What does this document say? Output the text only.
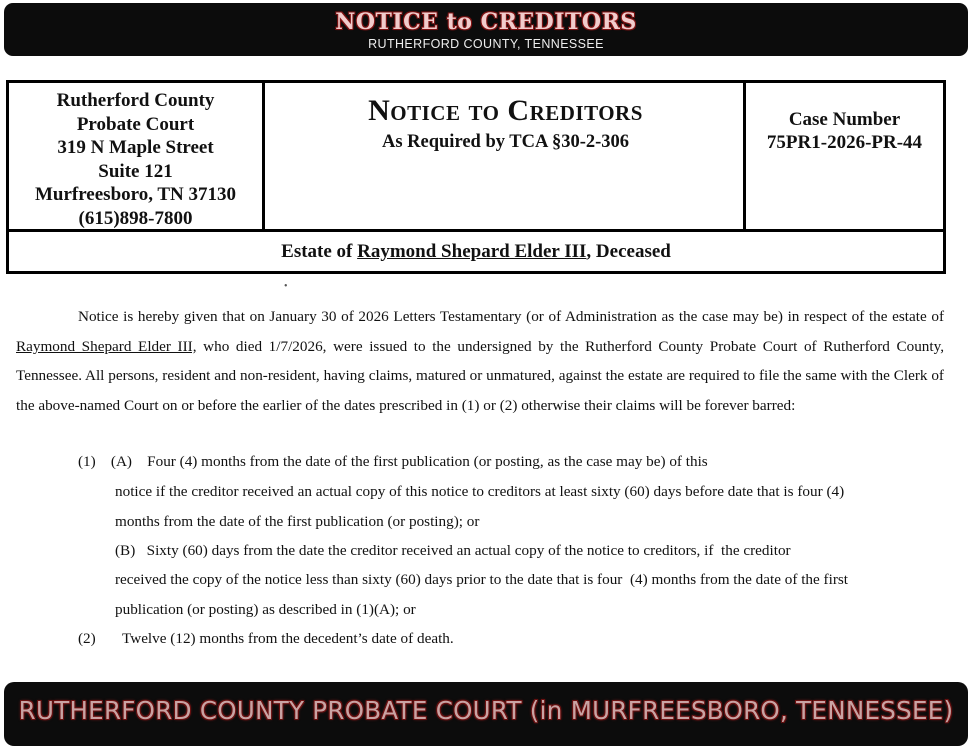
NOTICE to CREDITORS
RUTHERFORD COUNTY, TENNESSEE
Rutherford County
Probate Court
319 N Maple Street
Suite 121
Murfreesboro, TN 37130
(615)898-7800
Notice to Creditors
As Required by TCA §30-2-306
Case Number
75PR1-2026-PR-44
Estate of Raymond Shepard Elder III, Deceased
•

Notice is hereby given that on January 30 of 2026 Letters Testamentary (or of Administration as the case may be) in respect of the estate of Raymond Shepard Elder III, who died 1/7/2026, were issued to the undersigned by the Rutherford County Probate Court of Rutherford County, Tennessee. All persons, resident and non-resident, having claims, matured or unmatured, against the estate are required to file the same with the Clerk of the above-named Court on or before the earlier of the dates prescribed in (1) or (2) otherwise their claims will be forever barred:

(1)    (A)    Four (4) months from the date of the first publication (or posting, as the case may be) of this
notice if the creditor received an actual copy of this notice to creditors at least sixty (60) days before date that is four (4)
months from the date of the first publication (or posting); or
(B)   Sixty (60) days from the date the creditor received an actual copy of the notice to creditors, if  the creditor
received the copy of the notice less than sixty (60) days prior to the date that is four  (4) months from the date of the first
publication (or posting) as described in (1)(A); or
(2)       Twelve (12) months from the decedent’s date of death.
RUTHERFORD COUNTY PROBATE COURT (in MURFREESBORO, TENNESSEE)
